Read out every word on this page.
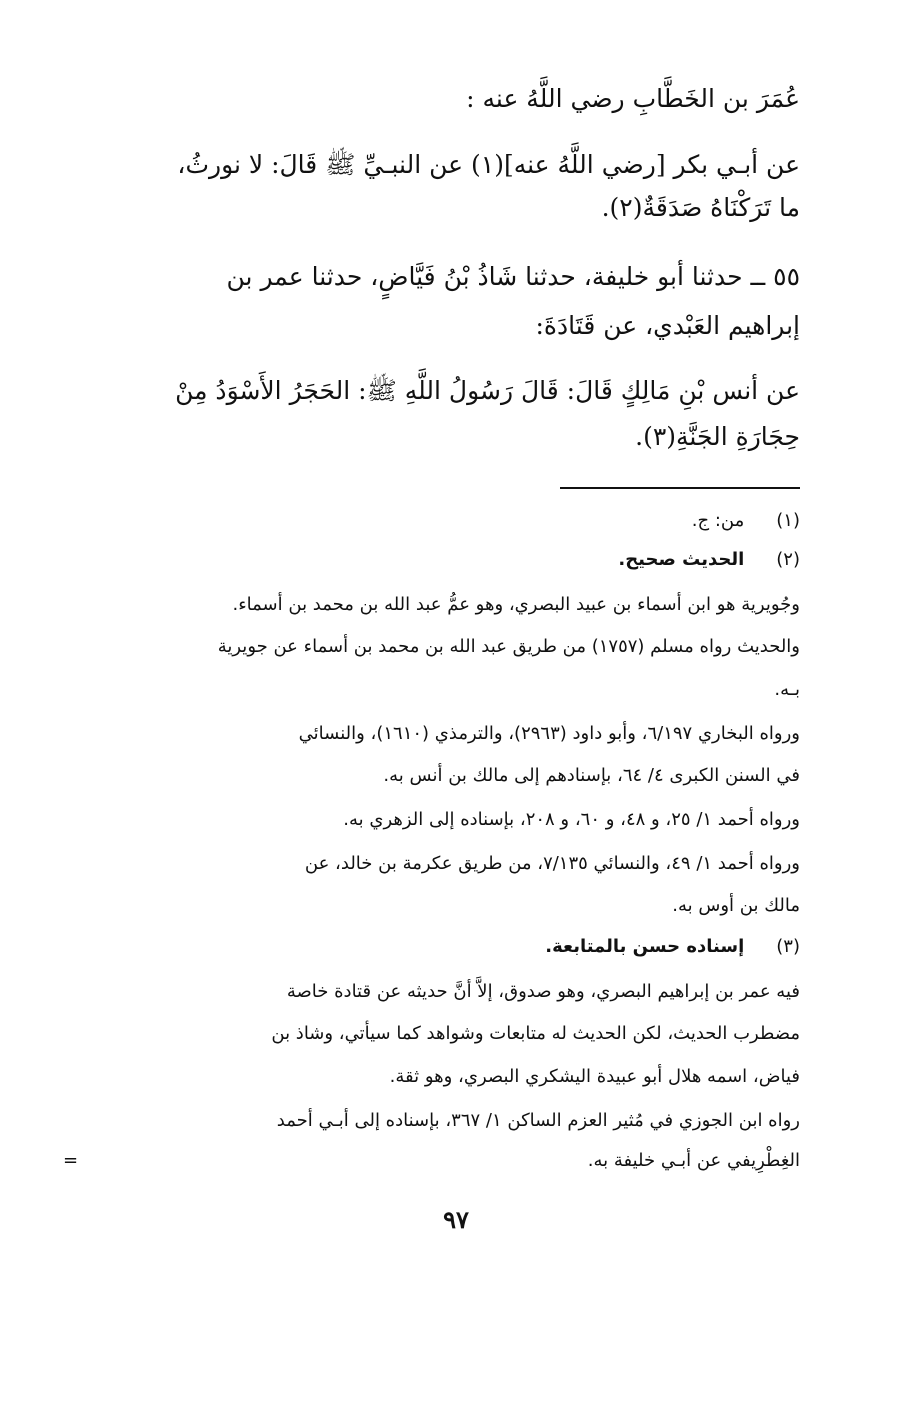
عُمَرَ بن الخَطَّابِ رضي اللَّهُ عنه :
عن أبـي بكر [رضي اللَّهُ عنه](١) عن النبـيِّ ﷺ قَالَ: لا نورثُ،
ما تَرَكْنَاهُ صَدَقَةٌ(٢).
٥٥ ــ حدثنا أبو خليفة، حدثنا شَاذُ بْنُ فَيَّاضٍ، حدثنا عمر بن
إبراهيم العَبْدي، عن قَتَادَةَ:
عن أنس بْنِ مَالِكٍ قَالَ: قَالَ رَسُولُ اللَّهِ ﷺ: الحَجَرُ الأَسْوَدُ مِنْ
حِجَارَةِ الجَنَّةِ(٣).
(١) من: ج.
(٢) الحديث صحيح.
وجُويرية هو ابن أسماء بن عبيد البصري، وهو عمُّ عبد الله بن محمد بن أسماء.
والحديث رواه مسلم (١٧٥٧) من طريق عبد الله بن محمد بن أسماء عن جويرية
بـه.
ورواه البخاري ٦/١٩٧، وأبو داود (٢٩٦٣)، والترمذي (١٦١٠)، والنسائي
في السنن الكبرى ٤/ ٦٤، بإسنادهم إلى مالك بن أنس به.
ورواه أحمد ١/ ٢٥، و ٤٨، و ٦٠، و ٢٠٨، بإسناده إلى الزهري به.
ورواه أحمد ١/ ٤٩، والنسائي ٧/١٣٥، من طريق عكرمة بن خالد، عن
مالك بن أوس به.
(٣) إسناده حسن بالمتابعة.
فيه عمر بن إبراهيم البصري، وهو صدوق، إلاَّ أنَّ حديثه عن قتادة خاصة
مضطرب الحديث، لكن الحديث له متابعات وشواهد كما سيأتي، وشاذ بن
فياض، اسمه هلال أبو عبيدة اليشكري البصري، وهو ثقة.
رواه ابن الجوزي في مُثير العزم الساكن ١/ ٣٦٧، بإسناده إلى أبـي أحمد
الغِطْرِيفي عن أبـي خليفة به.
=
٩٧
